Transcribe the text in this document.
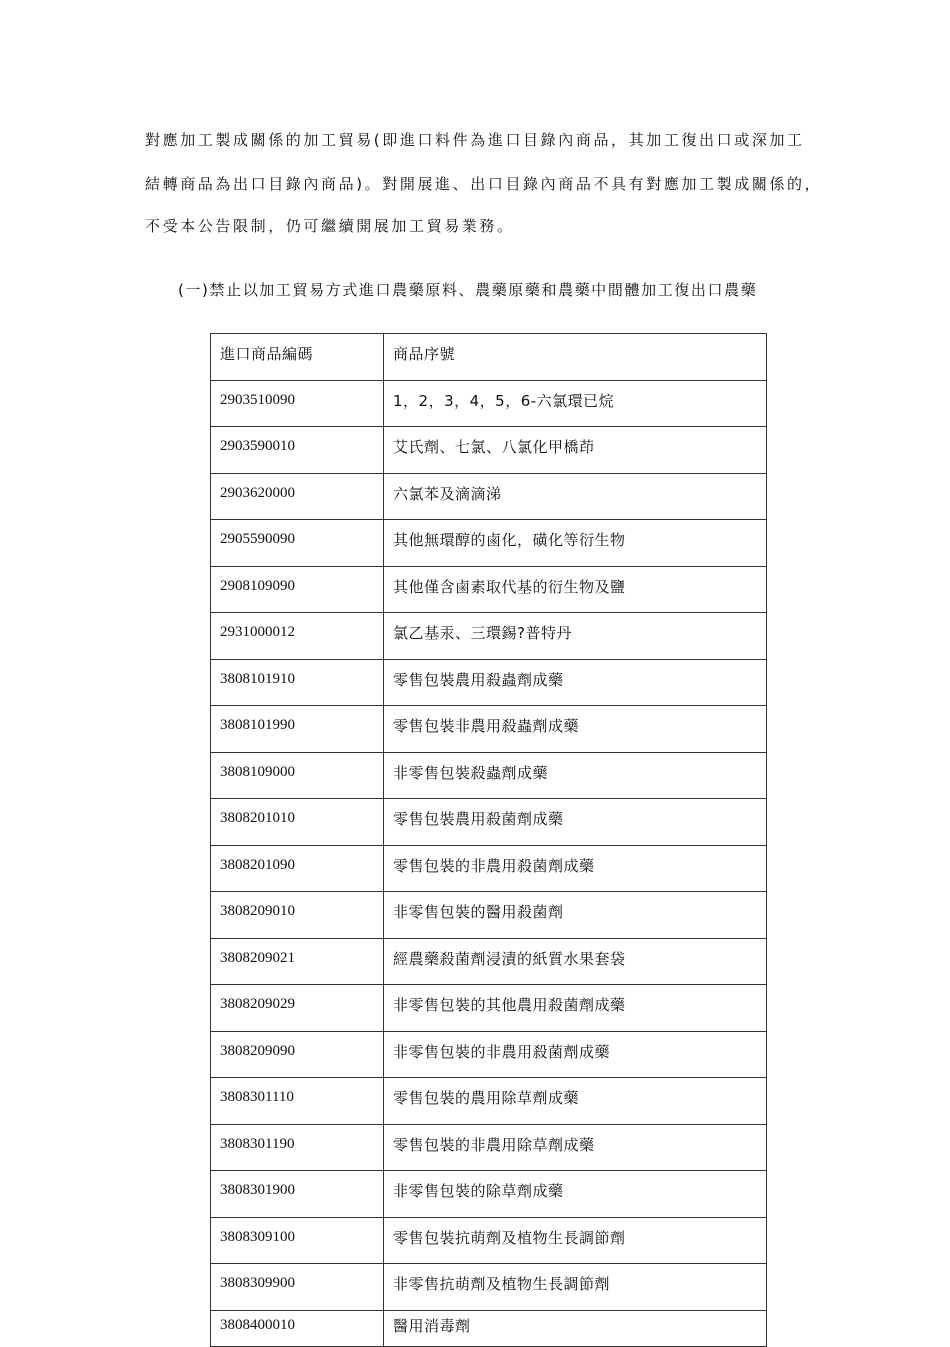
對應加工製成關係的加工貿易(即進口料件為進口目錄內商品，其加工復出口或深加工
結轉商品為出口目錄內商品)。對開展進、出口目錄內商品不具有對應加工製成關係的，
不受本公告限制，仍可繼續開展加工貿易業務。
(一)禁止以加工貿易方式進口農藥原料、農藥原藥和農藥中間體加工復出口農藥
進口商品編碼	商品序號
2903510090	1，2，3，4，5，6-六氯環已烷
2903590010	艾氏劑、七氯、八氯化甲橋茚
2903620000	六氯苯及滴滴涕
2905590090	其他無環醇的鹵化，磺化等衍生物
2908109090	其他僅含鹵素取代基的衍生物及鹽
2931000012	氯乙基汞、三環錫?普特丹
3808101910	零售包裝農用殺蟲劑成藥
3808101990	零售包裝非農用殺蟲劑成藥
3808109000	非零售包裝殺蟲劑成藥
3808201010	零售包裝農用殺菌劑成藥
3808201090	零售包裝的非農用殺菌劑成藥
3808209010	非零售包裝的醫用殺菌劑
3808209021	經農藥殺菌劑浸漬的紙質水果套袋
3808209029	非零售包裝的其他農用殺菌劑成藥
3808209090	非零售包裝的非農用殺菌劑成藥
3808301110	零售包裝的農用除草劑成藥
3808301190	零售包裝的非農用除草劑成藥
3808301900	非零售包裝的除草劑成藥
3808309100	零售包裝抗萌劑及植物生長調節劑
3808309900	非零售抗萌劑及植物生長調節劑
3808400010	醫用消毒劑
